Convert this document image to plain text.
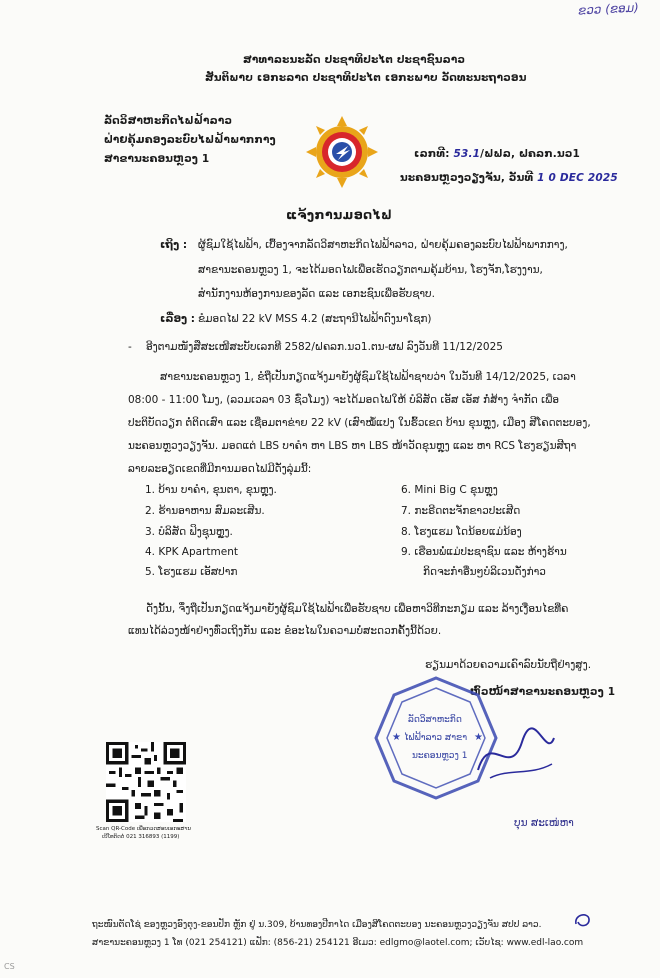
ຂວວ (ຂອມ)
ສາທາລະນະລັດ ປະຊາທິປະໄຕ ປະຊາຊົນລາວ
ສັນຕິພາບ ເອກະລາດ ປະຊາທິປະໄຕ ເອກະພາບ ວັດທະນະຖາວອນ
ລັດວິສາຫະກິດໄຟຟ້າລາວ
ຝ່າຍຄຸ້ມຄອງລະບົບໄຟຟ້າພາກກາງ
ສາຂານະຄອນຫຼວງ 1	ເລກທີ: 53.1/ຟຟລ, ຝຄລກ.ນວ1
ນະຄອນຫຼວງວຽງຈັນ, ວັນທີ 1 0 DEC 2025
ແຈ້ງການມອດໄຟ
ເຖິງ : ຜູ້ຊົມໃຊ້ໄຟຟ້າ, ເບື້ອງຈາກລັດວິສາຫະກິດໄຟຟ້າລາວ, ຝ່າຍຄຸ້ມຄອງລະບົບໄຟຟ້າພາກກາງ,
ສາຂານະຄອນຫຼວງ 1, ຈະໄດ້ມອດໄຟເພື່ອເຮັດວຽກຕາມຄຸ້ມບ້ານ, ໂຮງຈັກ,ໂຮງງານ,
ສຳນັກງານຫ້ອງການຂອງລັດ ແລະ ເອກະຊົນເພື່ອຮັບຊາບ.
ເລື່ອງ : ຂໍມອດໄຟ 22 kV MSS 4.2 (ສະຖານີໄຟຟ້າດົງນາໂຊກ)
- ອີງຕາມໜັງສືສະເໜີສະບັບເລກທີ 2582/ຝຄລກ.ນວ1.ຕນ-ຜຟ ລົງວັນທີ 11/12/2025
ສາຂານະຄອນຫຼວງ 1, ຂໍຖືເປັນກຽດແຈ້ງມາຍັງຜູ້ຊົມໃຊ້ໄຟຟ້າຊາບວ່າ ໃນວັນທີ 14/12/2025, ເວລາ
08:00 - 11:00 ໂມງ, (ລວມເວລາ 03 ຊົ່ວໂມງ) ຈະໄດ້ມອດໄຟໃຫ້ ບໍລິສັດ ເອັສ ເອັສ ກໍ່ສ້າງ ຈຳກັດ ເພື່ອ
ປະຕິບັດວຽກ ຕໍ່ຕິດເສົາ ແລະ ເຊື່ອມຕາຂ່າຍ 22 kV (ເສົາໝໍ້ແປງ ໃນຮົ້ວເຂດ ບ້ານ ຂຸນຫຼຸງ, ເມືອງ ສີໂຄດຕະບອງ,
ນະຄອນຫຼວງວຽງຈັນ. ມອດແຕ່ LBS ບາຄຳ ຫາ LBS ຫາ LBS ໜ້າວັດຂຸນຫຼຸງ ແລະ ຫາ RCS ໂຮງຮຽນສີຖາ
ລາຍລະອຽດເຂດທີ່ມີການມອດໄຟມີດັ່ງລຸ່ມນີ້:
1. ບ້ານ ບາຄຳ, ຂຸນຕາ, ຂຸນຫຼຸງ.
2. ຮ້ານອາຫານ ສົມລະເສີນ.
3. ບໍລິສັດ ຟິງຊຸນຫຼູງ.
4. KPK Apartment
5. ໂຮງແຮມ ເອັສປາກ
6. Mini Big C ຂຸນຫຼຸງ
7. ກະຣີດຕະຈັກຂາວປະເສີດ
8. ໂຮງແຮມ ໂດນ້ອຍແມ່ນ້ອງ
9. ເຮືອນພໍ່ແມ່ປະຊາຊົນ ແລະ ຫ້າງຮ້ານ
ກິດຈະກຳອື່ນໆບໍລິເວນດັ່ງກ່າວ
ດັ່ງນັ້ນ, ຈຶ່ງຖືເປັນກຽດແຈ້ງມາຍັງຜູ້ຊົມໃຊ້ໄຟຟ້າເພື່ອຮັບຊາບ ເພື່ອຫາວິທີກະກຽມ ແລະ ລ້າງເງື່ອນໄຂທີ່ຄ
ແທນໄດ້ລ່ວງໜ້າຢ່າງທົ່ວເຖິງກັນ ແລະ ຂໍອະໄພໃນຄວາມບໍ່ສະດວກຄັ້ງນີ້ດ້ວຍ.
ຮຽນມາດ້ວຍຄວາມເຄົາລົບນັບຖືຢ່າງສູງ.
ຫົວໜ້າສາຂານະຄອນຫຼວງ 1
★	★
ລັດວິສາຫະກິດ
ໄຟຟ້າລາວ ສາຂາ
ນະຄອນຫຼວງ 1
ບຸນ ສະເໜ່ຫາ
Scan QR-Code ເພື່ອກວດສອບເອກະສານ
ເບີໂທຕິດຕໍ່ 021 316893 (1199)
ຖະໜົນຕັດໂຊ່ ຂອງຫຼວງອົງຕຸງ-ຂອນປັກ ຫຼັກ ຢູ່ ນ.309, ບ້ານທອງປີກາໄດ ເມືອງສີໂຄດຕະບອງ ນະຄອນຫຼວງວຽງຈັນ ສປປ ລາວ.
ສາຂານະຄອນຫຼວງ 1 ໂທ (021 254121) ແຟັກ: (856-21) 254121 ອີເມວ: edlgmo@laotel.com; ເວັບໄຊ: www.edl-lao.com
CS
